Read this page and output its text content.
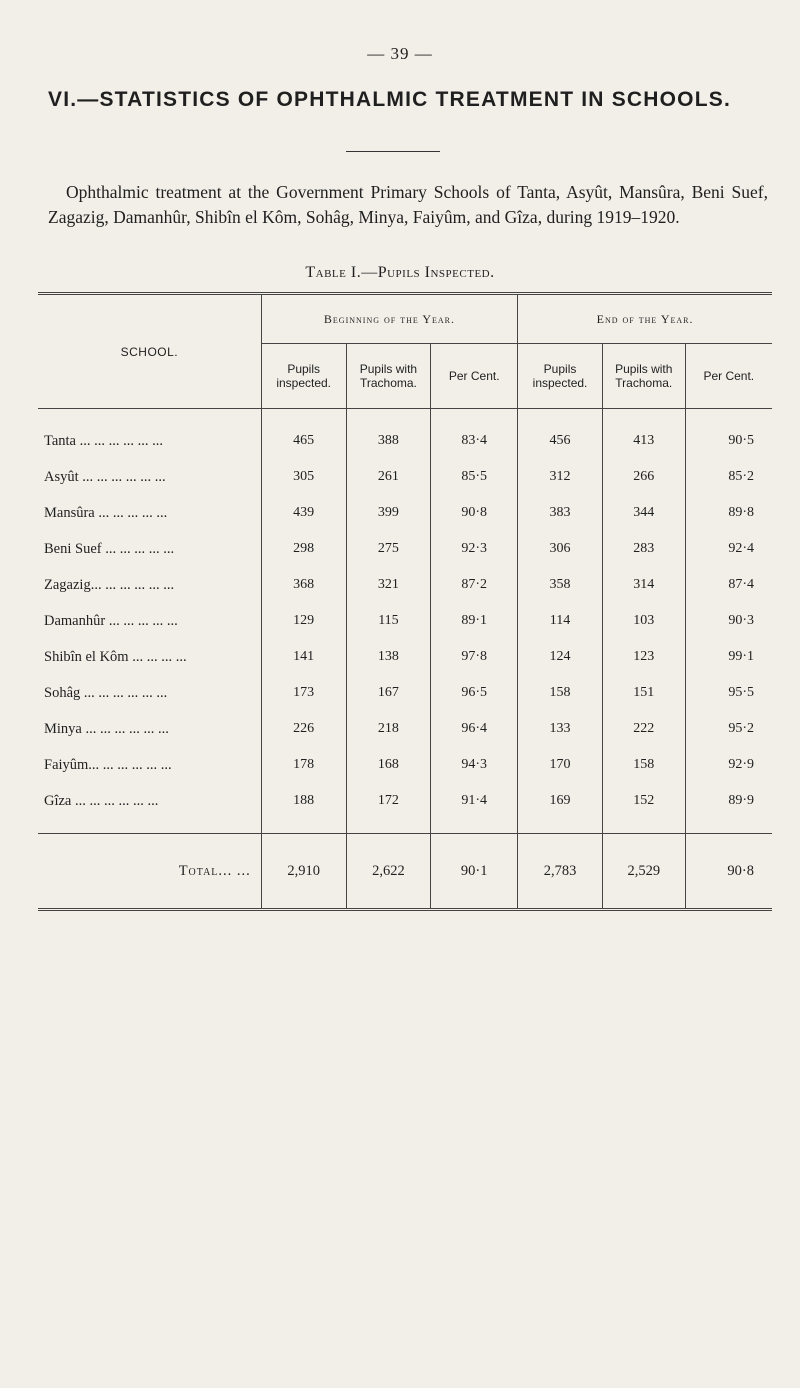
— 39 —
VI.—STATISTICS OF OPHTHALMIC TREATMENT IN SCHOOLS.
Ophthalmic treatment at the Government Primary Schools of Tanta, Asyût, Mansûra, Beni Suef, Zagazig, Damanhûr, Shibîn el Kôm, Sohâg, Minya, Faiyûm, and Gîza, during 1919–1920.
Table I.—Pupils Inspected.
SCHOOL.	Beginning of the Year.			End of the Year.		
	Pupils inspected.	Pupils with Trachoma.	Per Cent.	Pupils inspected.	Pupils with Trachoma.	Per Cent.
Tanta ... ... ... ... ... ...	465	388	83·4	456	413	90·5
Asyût ... ... ... ... ... ...	305	261	85·5	312	266	85·2
Mansûra ... ... ... ... ...	439	399	90·8	383	344	89·8
Beni Suef ... ... ... ... ...	298	275	92·3	306	283	92·4
Zagazig... ... ... ... ... ...	368	321	87·2	358	314	87·4
Damanhûr ... ... ... ... ...	129	115	89·1	114	103	90·3
Shibîn el Kôm ... ... ... ...	141	138	97·8	124	123	99·1
Sohâg ... ... ... ... ... ...	173	167	96·5	158	151	95·5
Minya ... ... ... ... ... ...	226	218	96·4	133	222	95·2
Faiyûm... ... ... ... ... ...	178	168	94·3	170	158	92·9
Gîza ... ... ... ... ... ...	188	172	91·4	169	152	89·9
Total... ...	2,910	2,622	90·1	2,783	2,529	90·8
